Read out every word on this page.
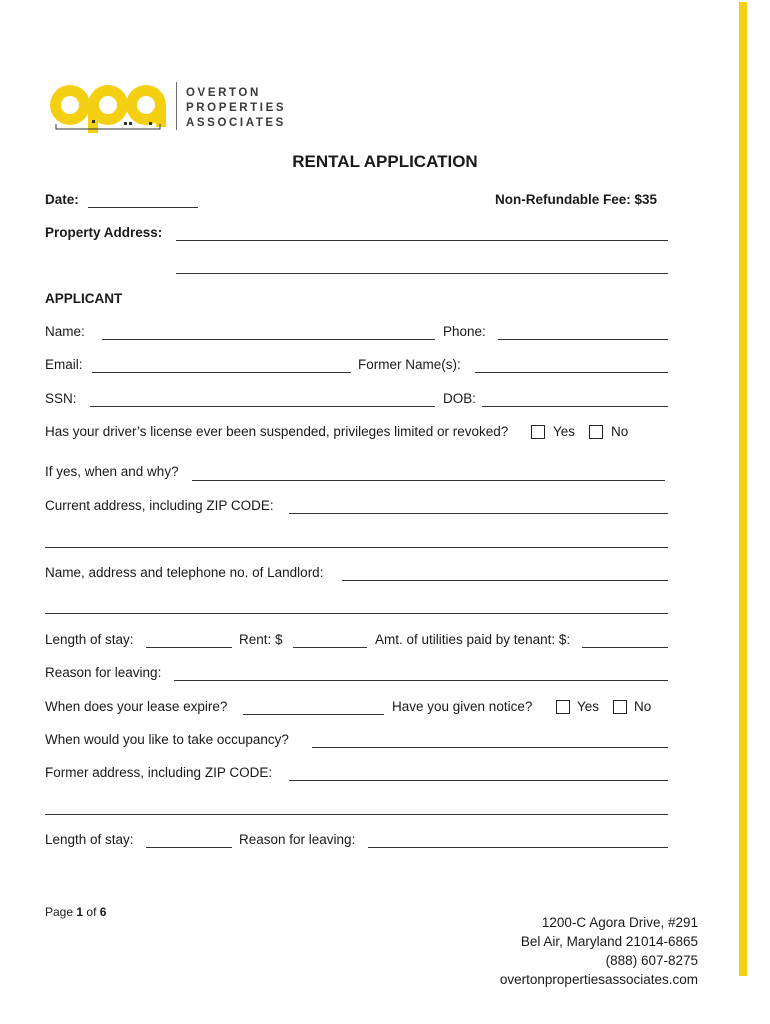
OVERTON
PROPERTIES
ASSOCIATES
RENTAL APPLICATION
Date:	Non-Refundable Fee: $35
Property Address:
APPLICANT
Name:	Phone:
Email:	Former Name(s):
SSN:	DOB:
Has your driver’s license ever been suspended, privileges limited or revoked?	Yes	No
If yes, when and why?
Current address, including ZIP CODE:
Name, address and telephone no. of Landlord:
Length of stay:	Rent: $	Amt. of utilities paid by tenant: $:
Reason for leaving:
When does your lease expire?	Have you given notice?	Yes	No
When would you like to take occupancy?
Former address, including ZIP CODE:
Length of stay:	Reason for leaving:
Page 1 of 6
1200-C Agora Drive, #291
Bel Air, Maryland 21014-6865
(888) 607-8275
overtonpropertiesassociates.com
